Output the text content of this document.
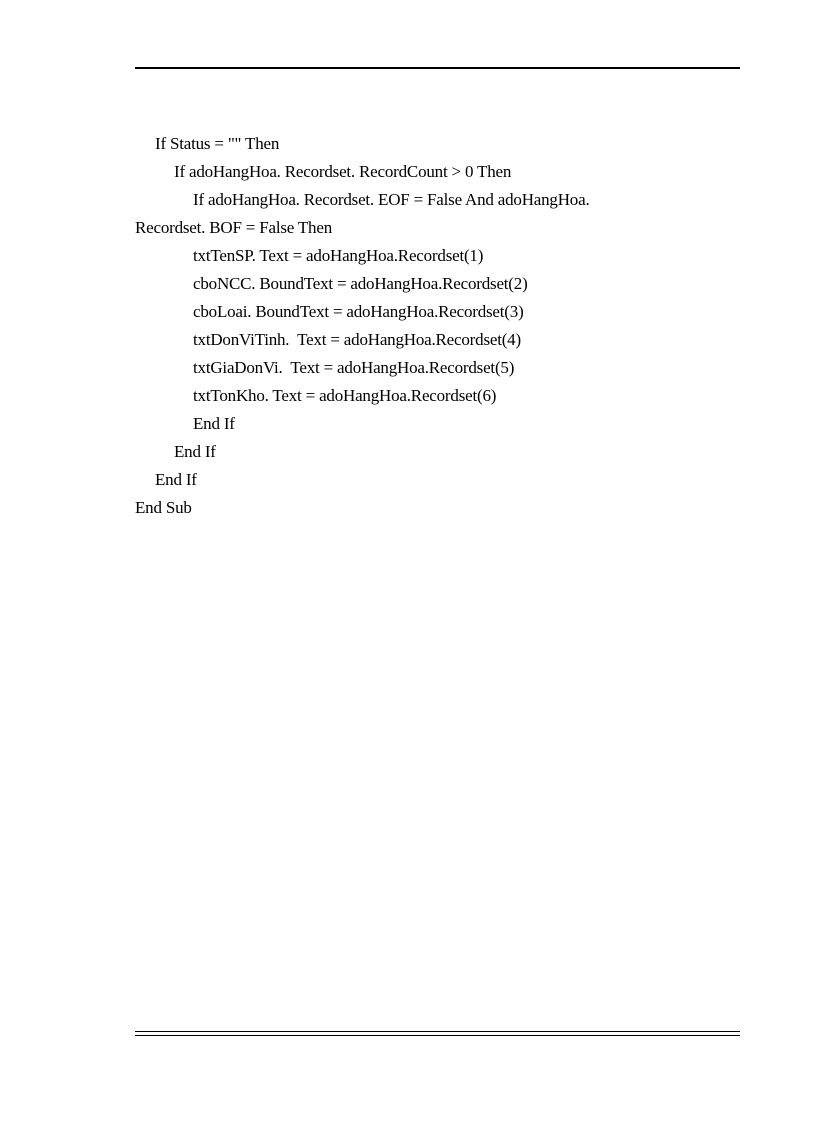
If Status = "" Then
If adoHangHoa. Recordset. RecordCount > 0 Then
If adoHangHoa. Recordset. EOF = False And adoHangHoa.
Recordset. BOF = False Then
txtTenSP. Text = adoHangHoa.Recordset(1)
cboNCC. BoundText = adoHangHoa.Recordset(2)
cboLoai. BoundText = adoHangHoa.Recordset(3)
txtDonViTinh.  Text = adoHangHoa.Recordset(4)
txtGiaDonVi.  Text = adoHangHoa.Recordset(5)
txtTonKho. Text = adoHangHoa.Recordset(6)
End If
End If
End If
End Sub
